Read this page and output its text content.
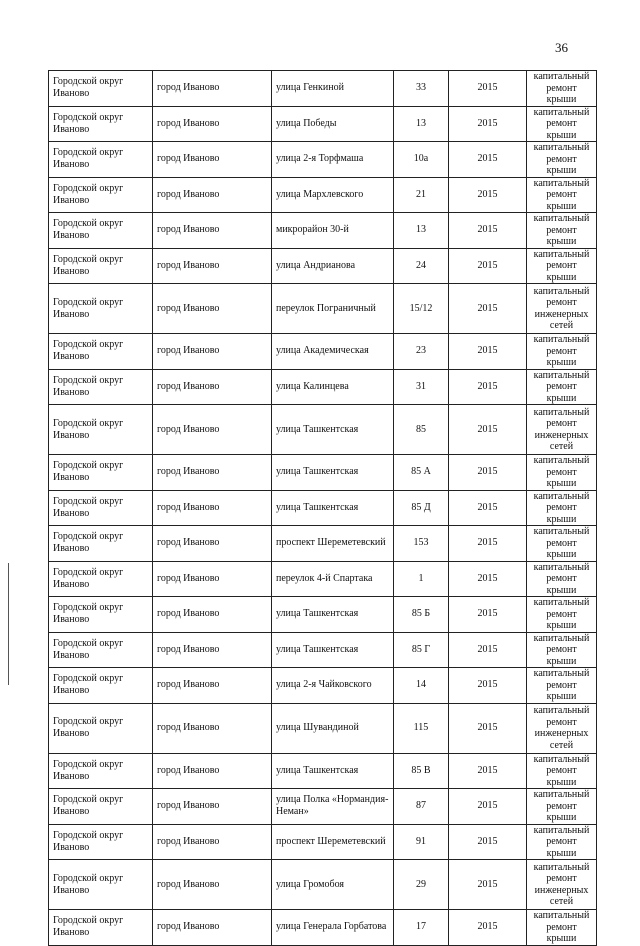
36
Городской округ Иваново	город Иваново	улица Генкиной	33	2015	капитальный ремонт крыши
Городской округ Иваново	город Иваново	улица Победы	13	2015	капитальный ремонт крыши
Городской округ Иваново	город Иваново	улица 2-я Торфмаша	10а	2015	капитальный ремонт крыши
Городской округ Иваново	город Иваново	улица Мархлевского	21	2015	капитальный ремонт крыши
Городской округ Иваново	город Иваново	микрорайон 30-й	13	2015	капитальный ремонт крыши
Городской округ Иваново	город Иваново	улица Андрианова	24	2015	капитальный ремонт крыши
Городской округ Иваново	город Иваново	переулок Пограничный	15/12	2015	капитальный ремонт инженерных сетей
Городской округ Иваново	город Иваново	улица Академическая	23	2015	капитальный ремонт крыши
Городской округ Иваново	город Иваново	улица Калинцева	31	2015	капитальный ремонт крыши
Городской округ Иваново	город Иваново	улица Ташкентская	85	2015	капитальный ремонт инженерных сетей
Городской округ Иваново	город Иваново	улица Ташкентская	85 А	2015	капитальный ремонт крыши
Городской округ Иваново	город Иваново	улица Ташкентская	85 Д	2015	капитальный ремонт крыши
Городской округ Иваново	город Иваново	проспект Шереметевский	153	2015	капитальный ремонт крыши
Городской округ Иваново	город Иваново	переулок 4-й Спартака	1	2015	капитальный ремонт крыши
Городской округ Иваново	город Иваново	улица Ташкентская	85 Б	2015	капитальный ремонт крыши
Городской округ Иваново	город Иваново	улица Ташкентская	85 Г	2015	капитальный ремонт крыши
Городской округ Иваново	город Иваново	улица 2-я Чайковского	14	2015	капитальный ремонт крыши
Городской округ Иваново	город Иваново	улица Шувандиной	115	2015	капитальный ремонт инженерных сетей
Городской округ Иваново	город Иваново	улица Ташкентская	85 В	2015	капитальный ремонт крыши
Городской округ Иваново	город Иваново	улица Полка «Нормандия-Неман»	87	2015	капитальный ремонт крыши
Городской округ Иваново	город Иваново	проспект Шереметевский	91	2015	капитальный ремонт крыши
Городской округ Иваново	город Иваново	улица Громобоя	29	2015	капитальный ремонт инженерных сетей
Городской округ Иваново	город Иваново	улица Генерала Горбатова	17	2015	капитальный ремонт крыши
